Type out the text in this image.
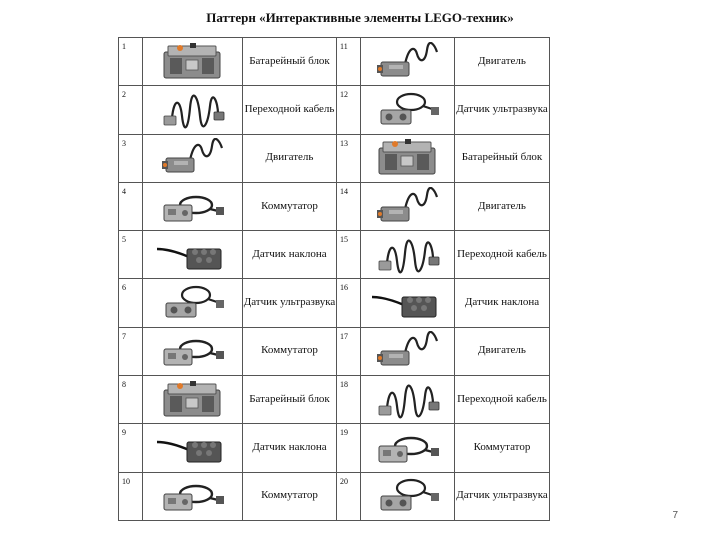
Паттерн «Интерактивные элементы LEGO-техник»
1		Батарейный блок	11		Двигатель
2		Переходной кабель	12		Датчик ультразвука
3		Двигатель	13		Батарейный блок
4		Коммутатор	14		Двигатель
5		Датчик наклона	15		Переходной кабель
6		Датчик ультразвука	16		Датчик наклона
7		Коммутатор	17		Двигатель
8		Батарейный блок	18		Переходной кабель
9		Датчик наклона	19		Коммутатор
10		Коммутатор	20		Датчик ультразвука
7
